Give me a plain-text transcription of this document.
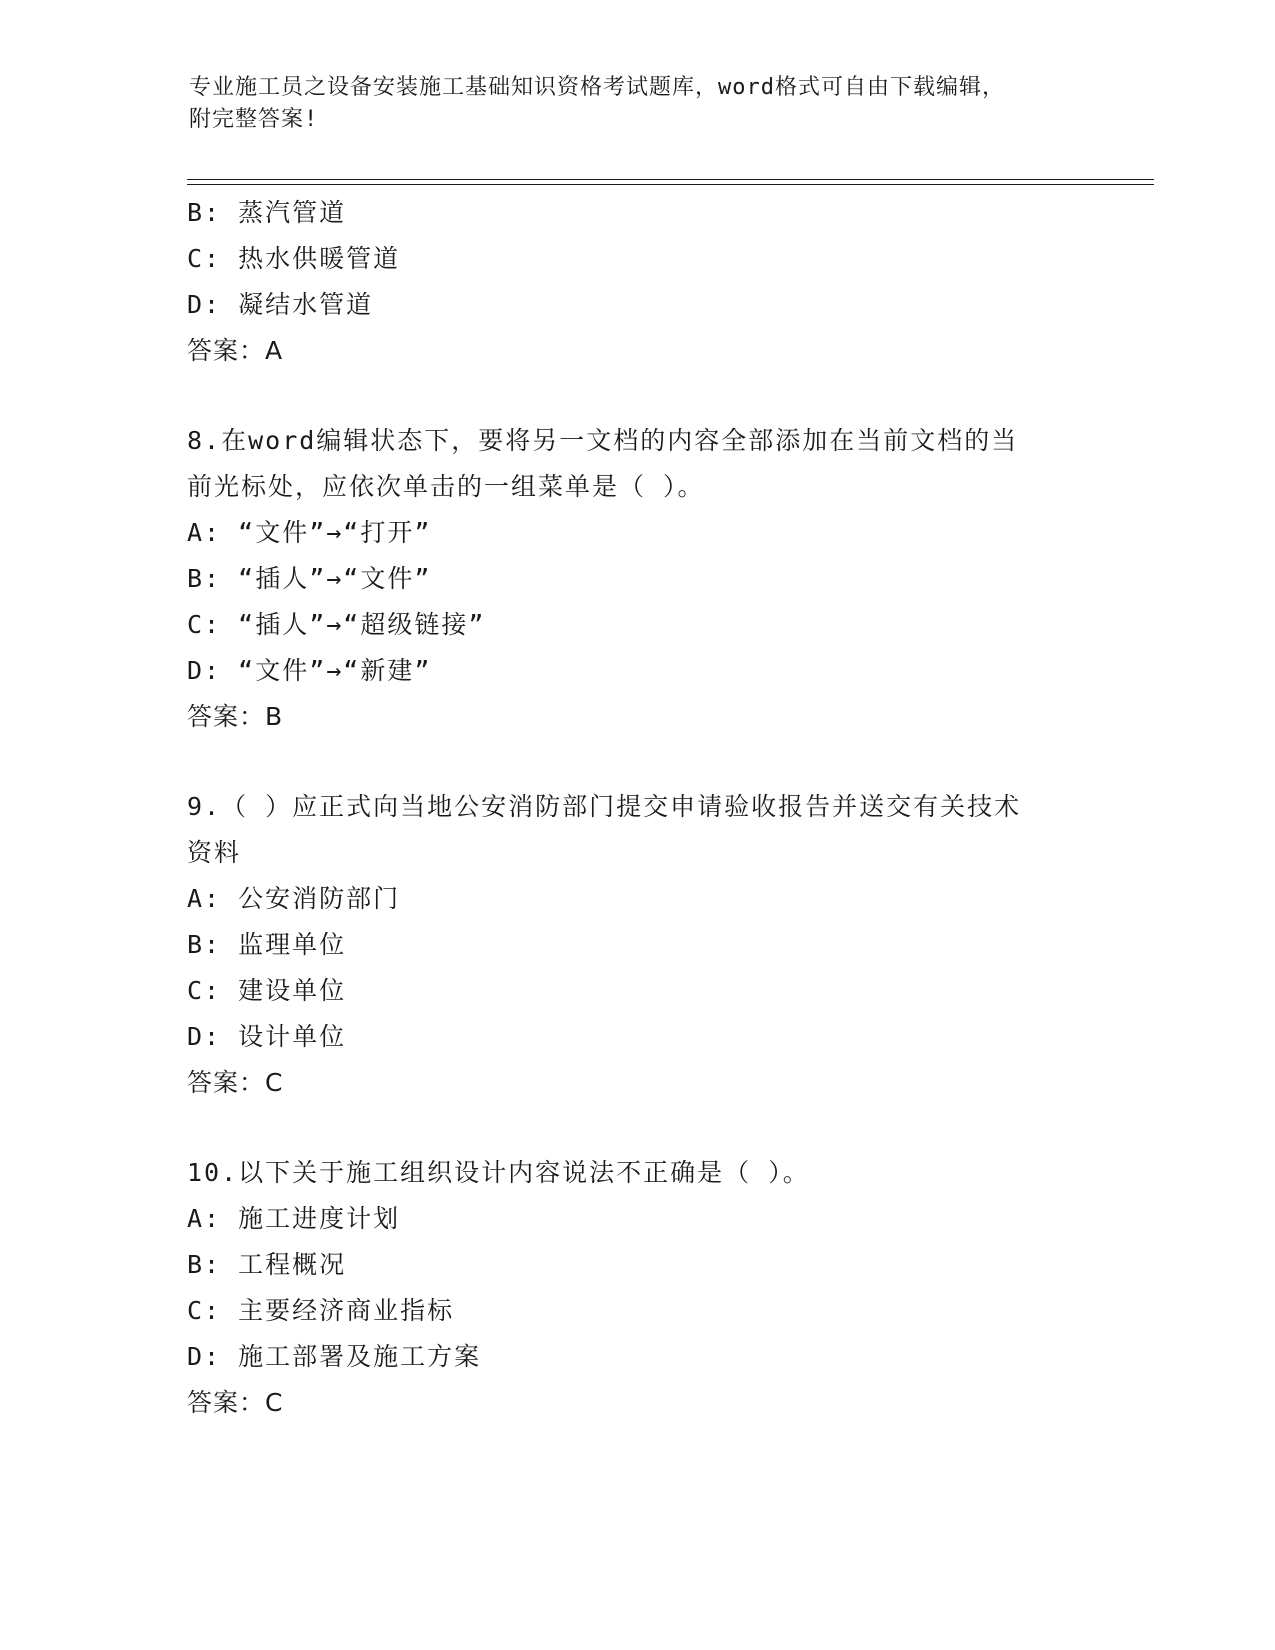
专业施工员之设备安装施工基础知识资格考试题库，word格式可自由下载编辑，
附完整答案!
B: 蒸汽管道
C: 热水供暖管道
D: 凝结水管道
答案：A
8.在word编辑状态下，要将另一文档的内容全部添加在当前文档的当
前光标处，应依次单击的一组菜单是（ ）。
A: “文件”→“打开”
B: “插人”→“文件”
C: “插人”→“超级链接”
D: “文件”→“新建”
答案：B
9.（ ）应正式向当地公安消防部门提交申请验收报告并送交有关技术
资料
A: 公安消防部门
B: 监理单位
C: 建设单位
D: 设计单位
答案：C
10.以下关于施工组织设计内容说法不正确是（ ）。
A: 施工进度计划
B: 工程概况
C: 主要经济商业指标
D: 施工部署及施工方案
答案：C
